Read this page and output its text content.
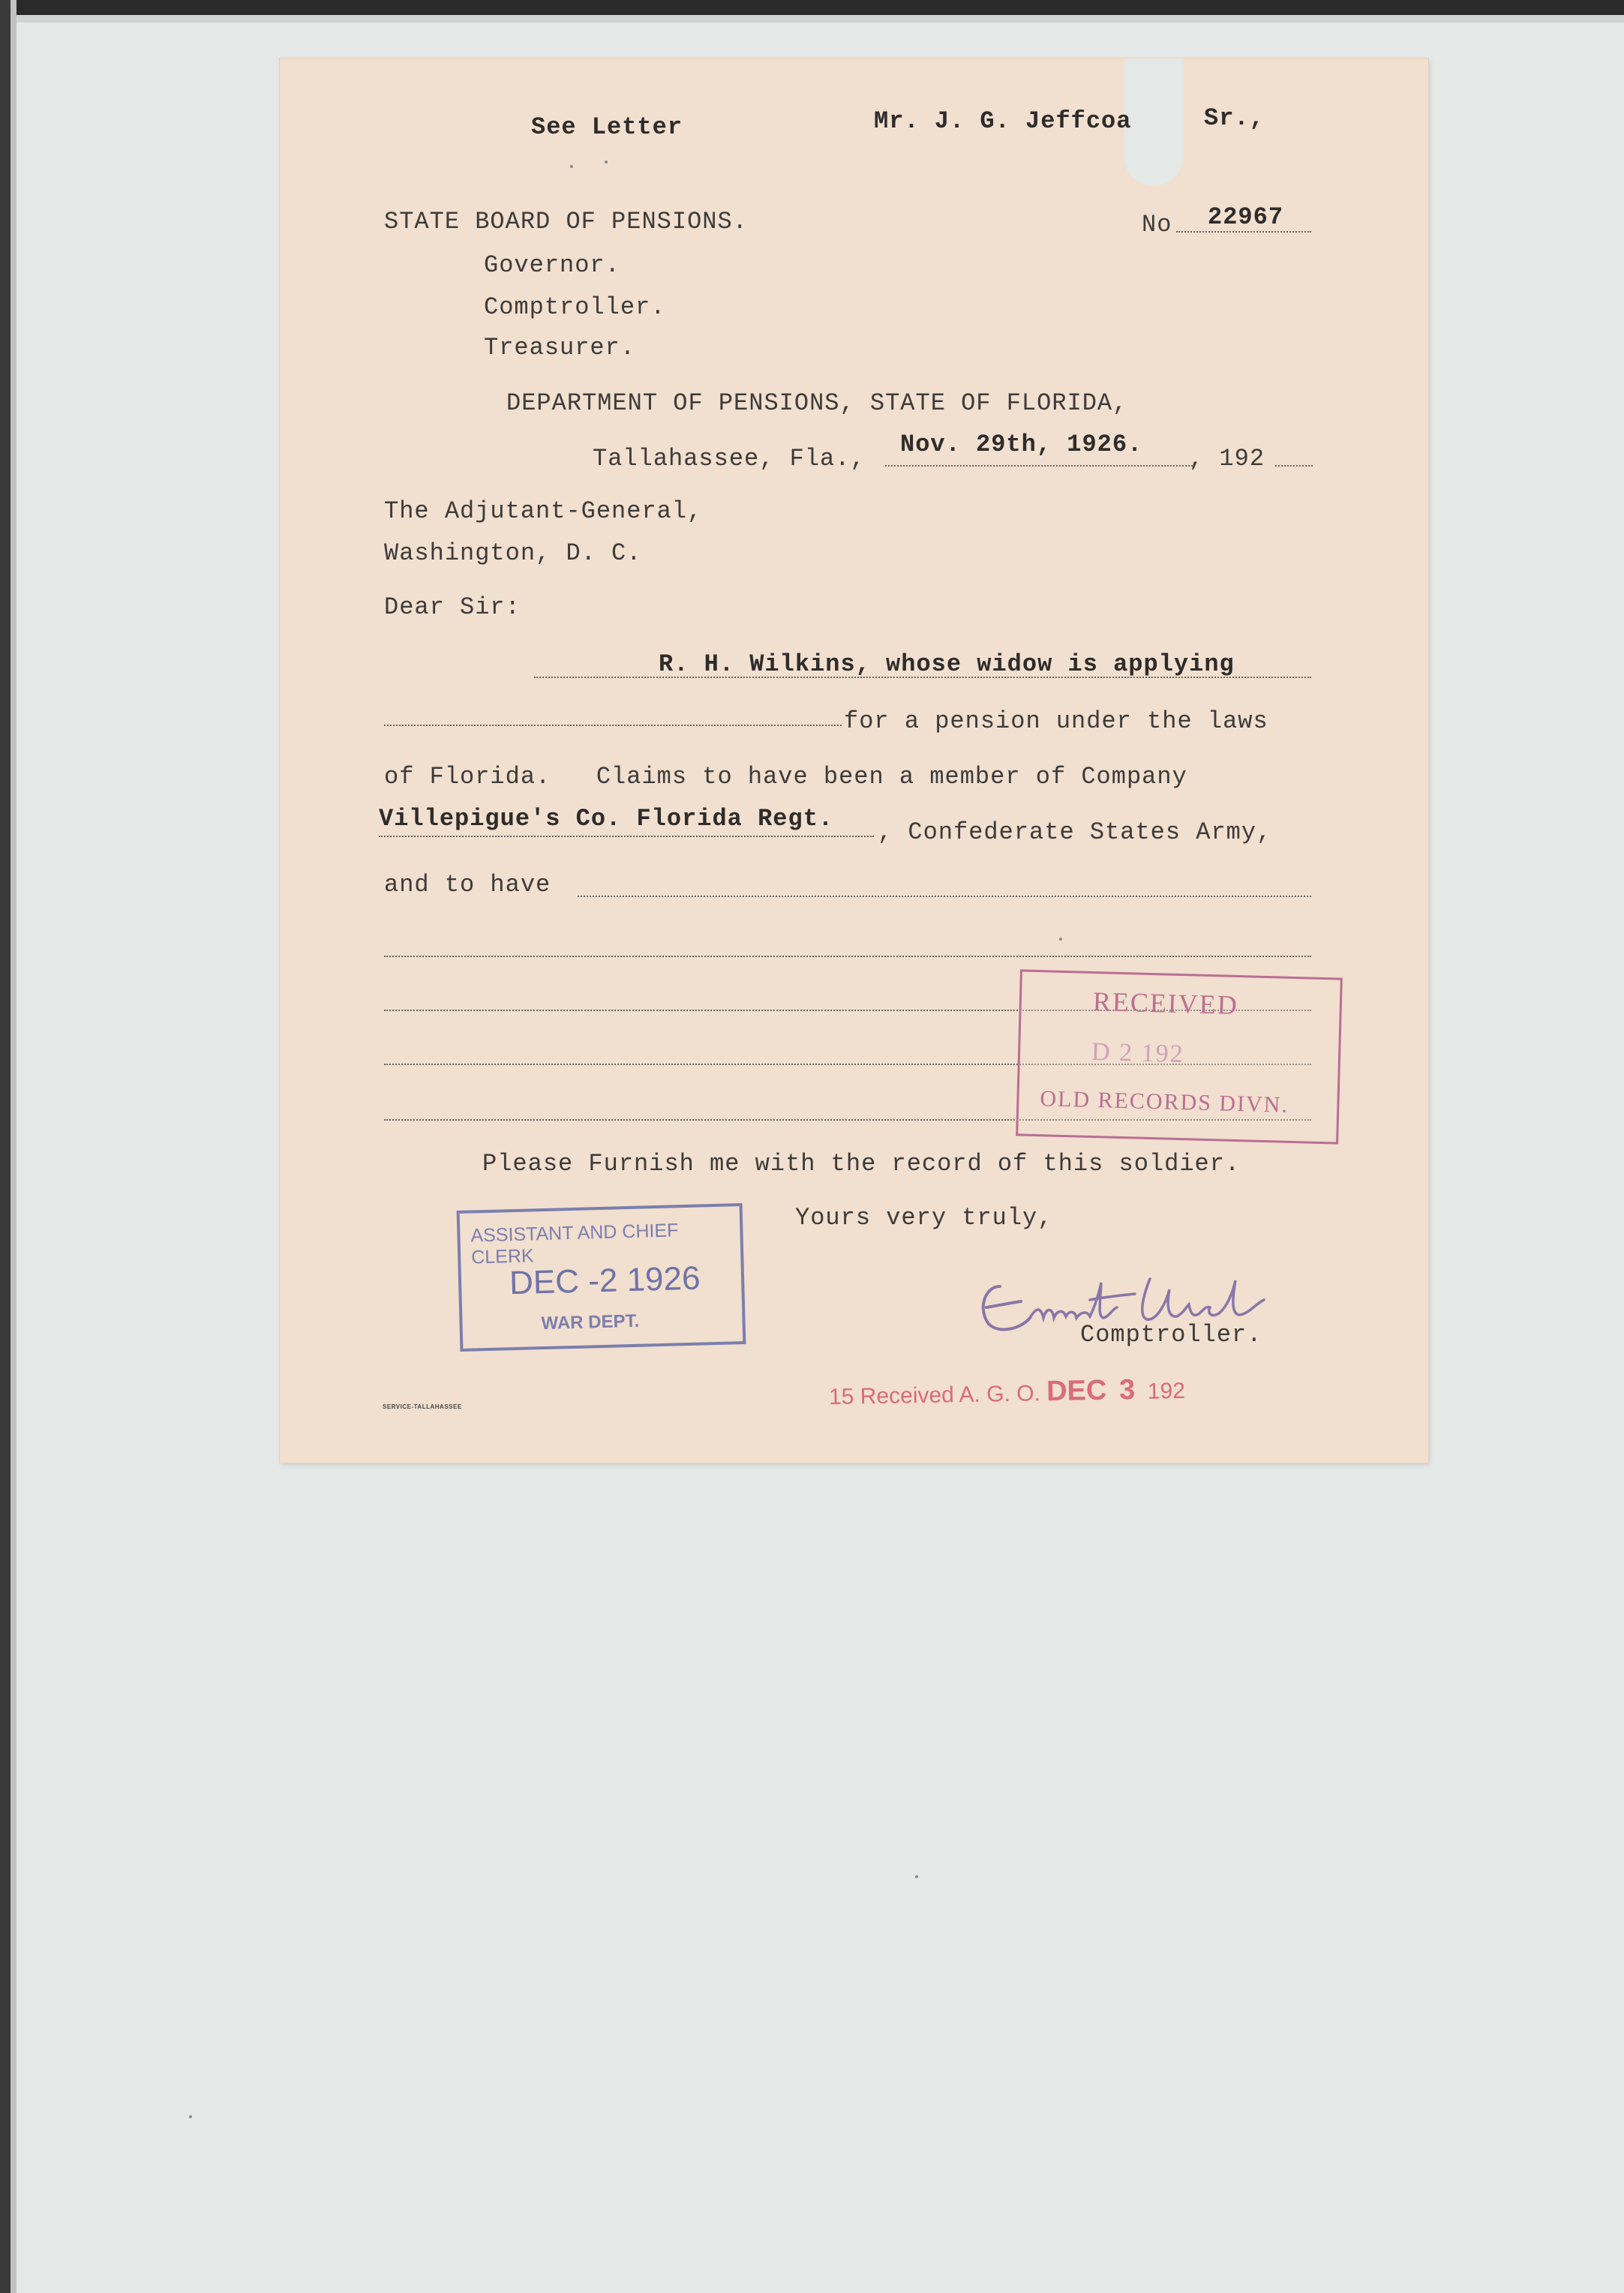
See Letter	Mr. J. G. Jeffcoa	Sr.,
STATE BOARD OF PENSIONS.
Governor.
Comptroller.
Treasurer.
No 22967
DEPARTMENT OF PENSIONS, STATE OF FLORIDA,
Tallahassee, Fla.,
Nov. 29th, 1926.
, 192
The Adjutant-General,
Washington, D. C.
Dear Sir:
R. H. Wilkins, whose widow is applying
for a pension under the laws
of Florida.   Claims to have been a member of Company
Villepigue's Co. Florida Regt. , Confederate States Army,
and to have
RECEIVED
D 2 192
OLD RECORDS DIVN.
Please Furnish me with the record of this soldier.
Yours very truly,
ASSISTANT AND CHIEF CLERK
DEC -2 1926
WAR DEPT.	Comptroller.
15 Received A. G. O. DEC 3 192
SERVICE-TALLAHASSEE
